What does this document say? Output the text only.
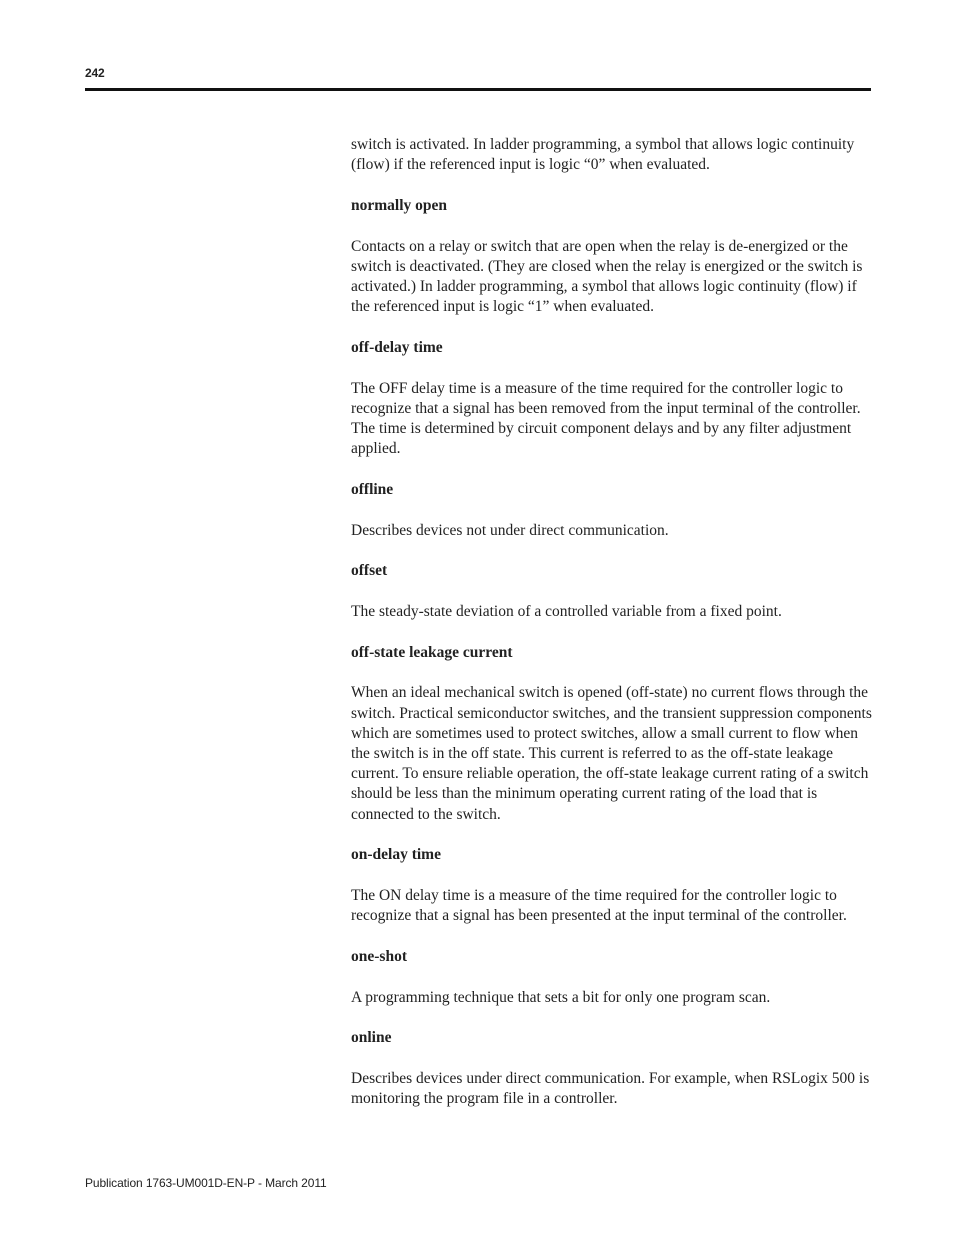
242

switch is activated. In ladder programming, a symbol that allows logic continuity (flow) if the referenced input is logic “0” when evaluated.

normally open

Contacts on a relay or switch that are open when the relay is de-energized or the switch is deactivated. (They are closed when the relay is energized or the switch is activated.) In ladder programming, a symbol that allows logic continuity (flow) if the referenced input is logic “1” when evaluated.

off-delay time

The OFF delay time is a measure of the time required for the controller logic to recognize that a signal has been removed from the input terminal of the controller. The time is determined by circuit component delays and by any filter adjustment applied.

offline

Describes devices not under direct communication.

offset

The steady-state deviation of a controlled variable from a fixed point.

off-state leakage current

When an ideal mechanical switch is opened (off-state) no current flows through the switch. Practical semiconductor switches, and the transient suppression components which are sometimes used to protect switches, allow a small current to flow when the switch is in the off state. This current is referred to as the off-state leakage current. To ensure reliable operation, the off-state leakage current rating of a switch should be less than the minimum operating current rating of the load that is connected to the switch.

on-delay time

The ON delay time is a measure of the time required for the controller logic to recognize that a signal has been presented at the input terminal of the controller.

one-shot

A programming technique that sets a bit for only one program scan.

online

Describes devices under direct communication. For example, when RSLogix 500 is monitoring the program file in a controller.

Publication 1763-UM001D-EN-P - March 2011
